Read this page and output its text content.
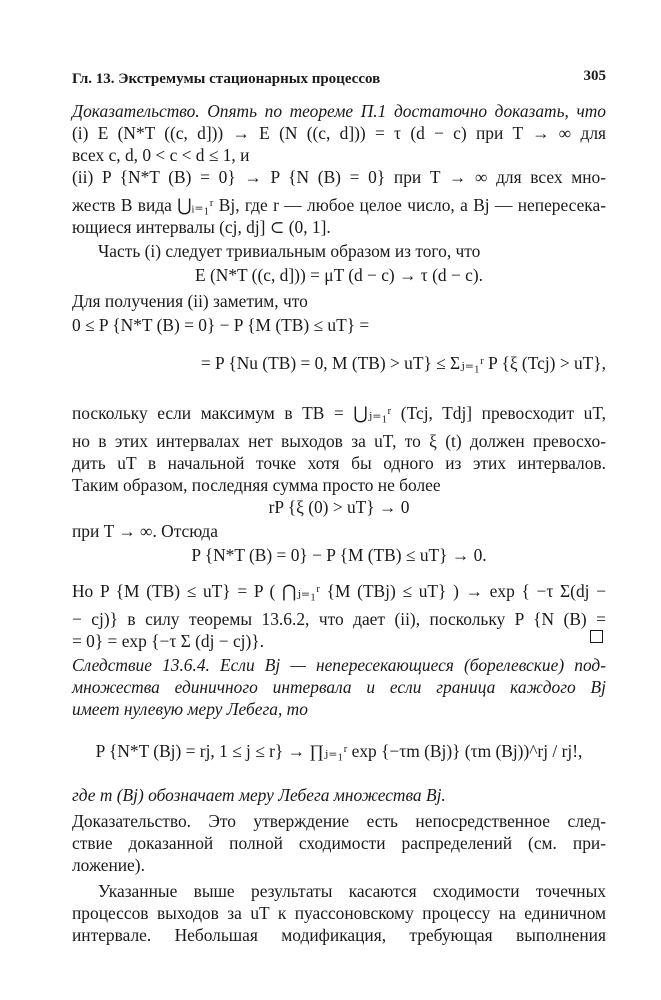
Гл. 13. Экстремумы стационарных процессов	305
Доказательство. Опять по теореме П.1 достаточно доказать, что
(i) E (N*T ((c, d])) → E (N ((c, d])) = τ (d − c) при T → ∞ для
всех c, d, 0 < c < d ≤ 1, и
(ii) P {N*T (B) = 0} → P {N (B) = 0} при T → ∞ для всех мно-
жеств B вида ⋃ᵢ₌₁ʳ Bj, где r — любое целое число, а Bj — непересека-
ющиеся интервалы (cj, dj] ⊂ (0, 1].
Часть (i) следует тривиальным образом из того, что
E (N*T ((c, d])) = μT (d − c) → τ (d − c).
Для получения (ii) заметим, что
0 ≤ P {N*T (B) = 0} − P {M (TB) ≤ uT} =
= P {Nu (TB) = 0, M (TB) > uT} ≤ Σⱼ₌₁ʳ P {ξ (Tcj) > uT},
поскольку если максимум в TB = ⋃ⱼ₌₁ʳ (Tcj, Tdj] превосходит uT,
но в этих интервалах нет выходов за uT, то ξ (t) должен превосхо-
дить uT в начальной точке хотя бы одного из этих интервалов.
Таким образом, последняя сумма просто не более
rP {ξ (0) > uT} → 0
при T → ∞. Отсюда
P {N*T (B) = 0} − P {M (TB) ≤ uT} → 0.
Но P {M (TB) ≤ uT} = P ( ⋂ⱼ₌₁ʳ {M (TBj) ≤ uT} ) → exp { −τ Σ(dj −
− cj)} в силу теоремы 13.6.2, что дает (ii), поскольку P {N (B) =
= 0} = exp {−τ Σ (dj − cj)}.
Следствие 13.6.4. Если Bj — непересекающиеся (борелевские) под-
множества единичного интервала и если граница каждого Bj
имеет нулевую меру Лебега, то
P {N*T (Bj) = rj, 1 ≤ j ≤ r} → ∏ⱼ₌₁ʳ exp {−τm (Bj)} (τm (Bj))^rj / rj!,
где m (Bj) обозначает меру Лебега множества Bj.
Доказательство. Это утверждение есть непосредственное след-
ствие доказанной полной сходимости распределений (см. при-
ложение).
Указанные выше результаты касаются сходимости точечных
процессов выходов за uT к пуассоновскому процессу на единичном
интервале. Небольшая модификация, требующая выполнения
